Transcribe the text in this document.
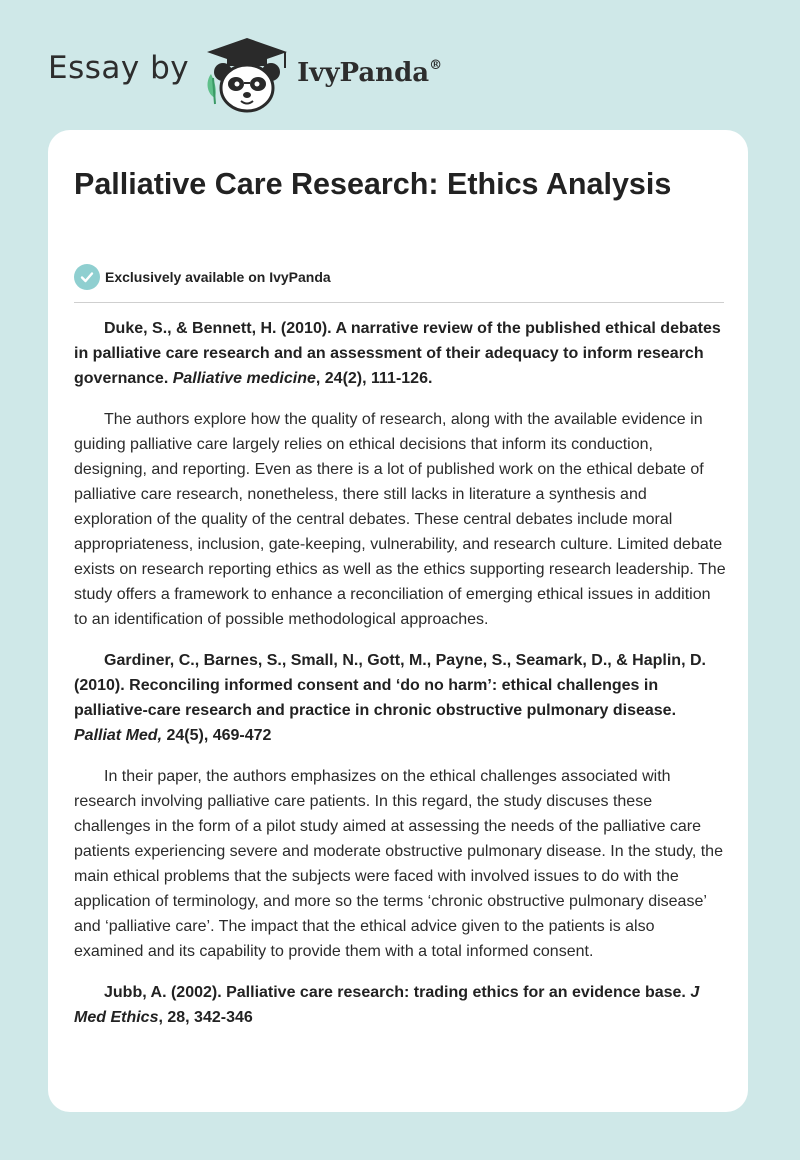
Essay by	IvyPanda®
Palliative Care Research: Ethics Analysis
Exclusively available on IvyPanda

Duke, S., & Bennett, H. (2010). A narrative review of the published ethical debates in palliative care research and an assessment of their adequacy to inform research governance. Palliative medicine, 24(2), 111-126.

The authors explore how the quality of research, along with the available evidence in guiding palliative care largely relies on ethical decisions that inform its conduction, designing, and reporting. Even as there is a lot of published work on the ethical debate of palliative care research, nonetheless, there still lacks in literature a synthesis and exploration of the quality of the central debates. These central debates include moral appropriateness, inclusion, gate-keeping, vulnerability, and research culture. Limited debate exists on research reporting ethics as well as the ethics supporting research leadership. The study offers a framework to enhance a reconciliation of emerging ethical issues in addition to an identification of possible methodological approaches.

Gardiner, C., Barnes, S., Small, N., Gott, M., Payne, S., Seamark, D., & Haplin, D. (2010). Reconciling informed consent and ‘do no harm’: ethical challenges in palliative-care research and practice in chronic obstructive pulmonary disease. Palliat Med, 24(5), 469-472

In their paper, the authors emphasizes on the ethical challenges associated with research involving palliative care patients. In this regard, the study discuses these challenges in the form of a pilot study aimed at assessing the needs of the palliative care patients experiencing severe and moderate obstructive pulmonary disease. In the study, the main ethical problems that the subjects were faced with involved issues to do with the application of terminology, and more so the terms ‘chronic obstructive pulmonary disease’ and ‘palliative care’. The impact that the ethical advice given to the patients is also examined and its capability to provide them with a total informed consent.

Jubb, A. (2002). Palliative care research: trading ethics for an evidence base. J Med Ethics, 28, 342-346
